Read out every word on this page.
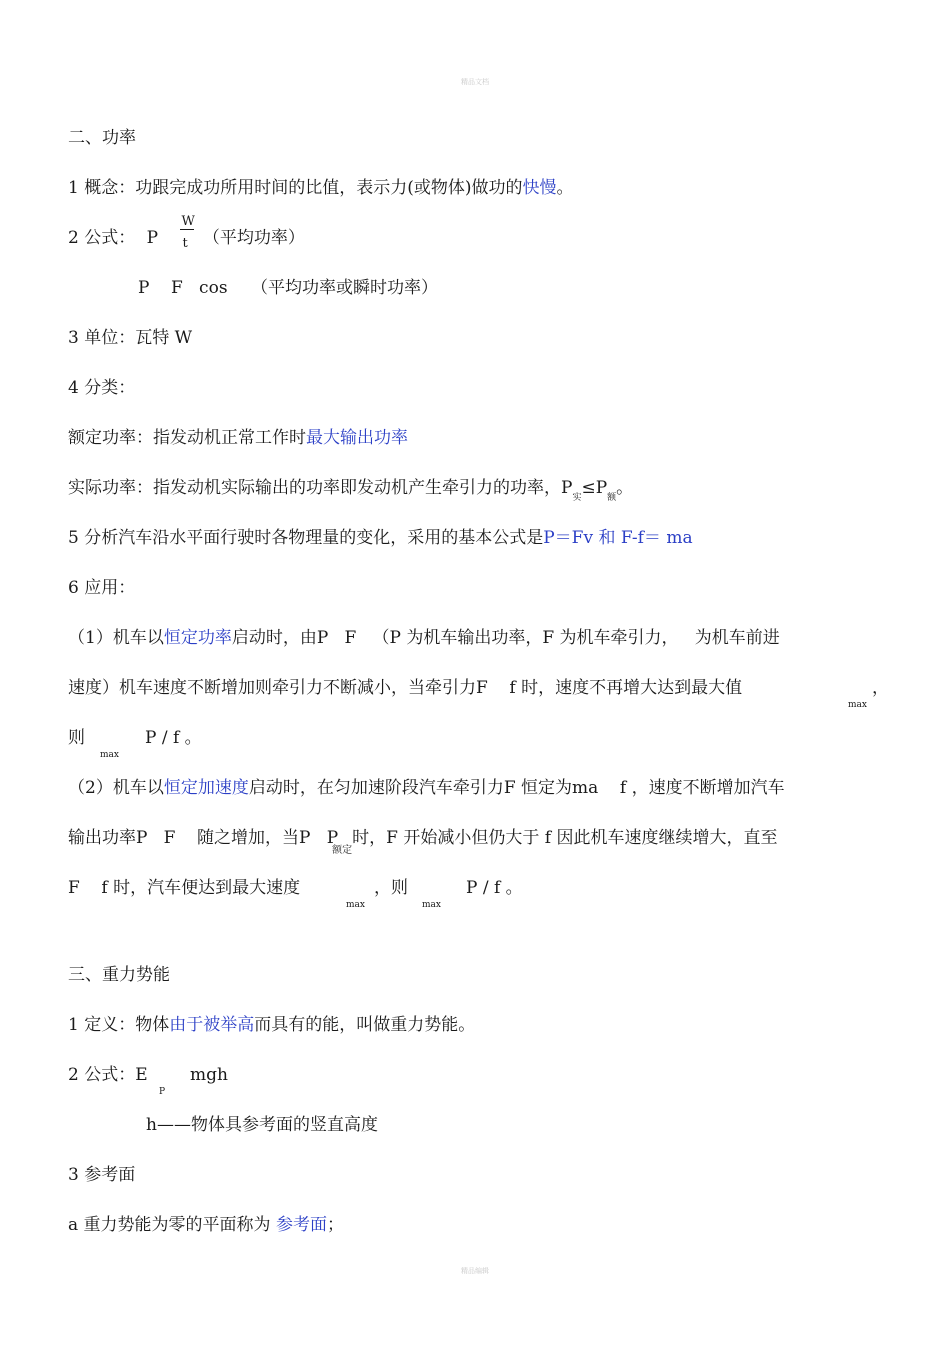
精品文档
二、功率
1 概念：功跟完成功所用时间的比值，表示力(或物体)做功的快慢。
2 公式： P $\frac{W}{t}$ （平均功率）
P    F   cos （平均功率或瞬时功率）
3 单位：瓦特 W
4 分类：
额定功率：指发动机正常工作时最大输出功率
实际功率：指发动机实际输出的功率即发动机产生牵引力的功率，$P_实\le P_额$。
5 分析汽车沿水平面行驶时各物理量的变化，采用的基本公式是P＝Fv 和 F-f＝ ma
6 应用：
（1）机车以恒定功率启动时，由P   F   （P 为机车输出功率，F 为机车牵引力，   为机车前进
速度）机车速度不断增加则牵引力不断减小，当牵引力F    f 时，速度不再增大达到最大值
max
，
则
max
P / f 。
（2）机车以恒定加速度启动时，在匀加速阶段汽车牵引力F 恒定为ma    f ，速度不断增加汽车
输出功率P   F    随之增加，当P   $P_{额定}$时，F 开始减小但仍大于 f 因此机车速度继续增大，直至
F    f 时，汽车便达到最大速度
max
，则
max
P / f 。
三、重力势能
1 定义：物体由于被举高而具有的能，叫做重力势能。
2 公式：E
P
mgh
h——物体具参考面的竖直高度
3 参考面
a 重力势能为零的平面称为 参考面；
精品编辑
